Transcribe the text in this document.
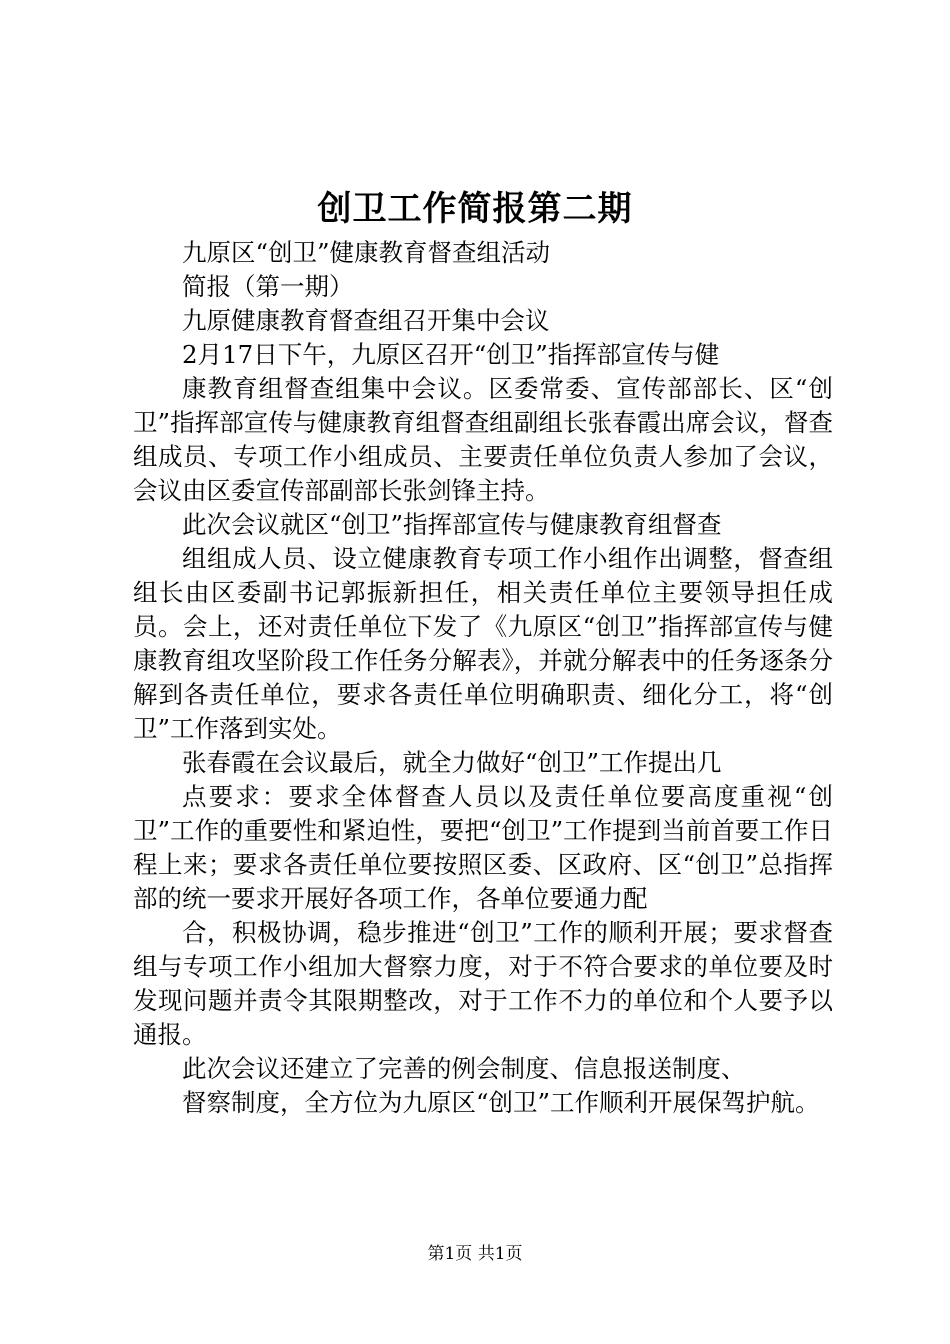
创卫工作简报第二期

九原区“创卫”健康教育督查组活动

简报（第一期）

九原健康教育督查组召开集中会议

2月17日下午，九原区召开“创卫”指挥部宣传与健

康教育组督查组集中会议。区委常委、宣传部部长、区“创卫”指挥部宣传与健康教育组督查组副组长张春霞出席会议，督查组成员、专项工作小组成员、主要责任单位负责人参加了会议，会议由区委宣传部副部长张剑锋主持。

此次会议就区“创卫”指挥部宣传与健康教育组督查

组组成人员、设立健康教育专项工作小组作出调整，督查组组长由区委副书记郭振新担任，相关责任单位主要领导担任成员。会上，还对责任单位下发了《九原区“创卫”指挥部宣传与健康教育组攻坚阶段工作任务分解表》，并就分解表中的任务逐条分解到各责任单位，要求各责任单位明确职责、细化分工，将“创卫”工作落到实处。

张春霞在会议最后，就全力做好“创卫”工作提出几

点要求：要求全体督查人员以及责任单位要高度重视“创卫”工作的重要性和紧迫性，要把“创卫”工作提到当前首要工作日程上来；要求各责任单位要按照区委、区政府、区“创卫”总指挥部的统一要求开展好各项工作，各单位要通力配

合，积极协调，稳步推进“创卫”工作的顺利开展；要求督查组与专项工作小组加大督察力度，对于不符合要求的单位要及时发现问题并责令其限期整改，对于工作不力的单位和个人要予以通报。

此次会议还建立了完善的例会制度、信息报送制度、

督察制度，全方位为九原区“创卫”工作顺利开展保驾护航。

第1页 共1页
